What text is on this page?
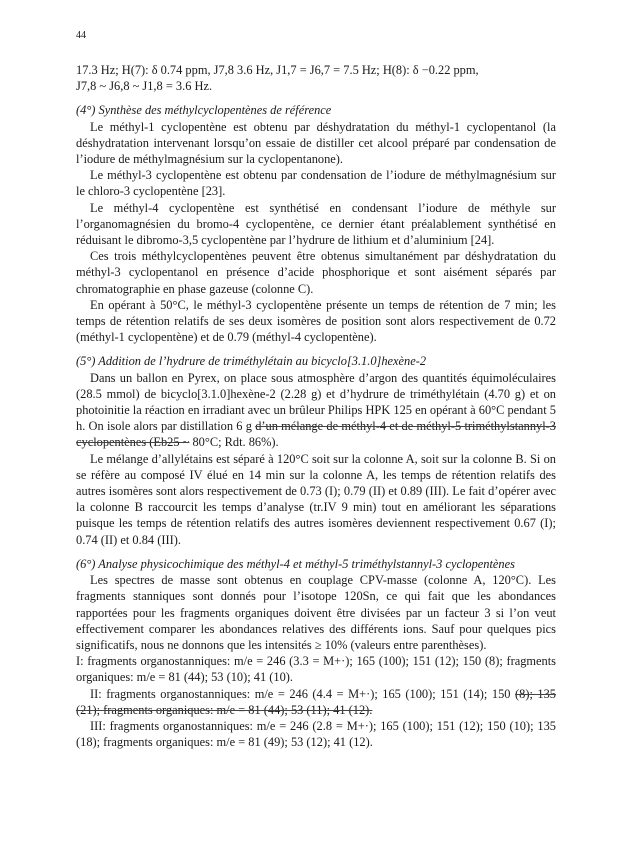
44

17.3 Hz; H(7): δ 0.74 ppm, J7,8 3.6 Hz, J1,7 = J6,7 = 7.5 Hz; H(8): δ −0.22 ppm,

J7,8 ~ J6,8 ~ J1,8 = 3.6 Hz.

(4°) Synthèse des méthylcyclopentènes de référence

Le méthyl-1 cyclopentène est obtenu par déshydratation du méthyl-1 cyclopentanol (la déshydratation intervenant lorsqu’on essaie de distiller cet alcool préparé par condensation de l’iodure de méthylmagnésium sur la cyclopentanone).

Le méthyl-3 cyclopentène est obtenu par condensation de l’iodure de méthylmagnésium sur le chloro-3 cyclopentène [23].

Le méthyl-4 cyclopentène est synthétisé en condensant l’iodure de méthyle sur l’organomagnésien du bromo-4 cyclopentène, ce dernier étant préalablement synthétisé en réduisant le dibromo-3,5 cyclopentène par l’hydrure de lithium et d’aluminium [24].

Ces trois méthylcyclopentènes peuvent être obtenus simultanément par déshydratation du méthyl-3 cyclopentanol en présence d’acide phosphorique et sont aisément séparés par chromatographie en phase gazeuse (colonne C).

En opérant à 50°C, le méthyl-3 cyclopentène présente un temps de rétention de 7 min; les temps de rétention relatifs de ses deux isomères de position sont alors respectivement de 0.72 (méthyl-1 cyclopentène) et de 0.79 (méthyl-4 cyclopentène).

(5°) Addition de l’hydrure de triméthylétain au bicyclo[3.1.0]hexène-2

Dans un ballon en Pyrex, on place sous atmosphère d’argon des quantités équimoléculaires (28.5 mmol) de bicyclo[3.1.0]hexène-2 (2.28 g) et d’hydrure de triméthylétain (4.70 g) et on photoinitie la réaction en irradiant avec un brûleur Philips HPK 125 en opérant à 60°C pendant 5 h. On isole alors par distillation 6 g d’un mélange de méthyl-4 et de méthyl-5 triméthylstannyl-3 cyclopentènes (Eb25 ~ 80°C; Rdt. 86%).

Le mélange d’allylétains est séparé à 120°C soit sur la colonne A, soit sur la colonne B. Si on se réfère au composé IV élué en 14 min sur la colonne A, les temps de rétention relatifs des autres isomères sont alors respectivement de 0.73 (I); 0.79 (II) et 0.89 (III). Le fait d’opérer avec la colonne B raccourcit les temps d’analyse (tr.IV 9 min) tout en améliorant les séparations puisque les temps de rétention relatifs des autres isomères deviennent respectivement 0.67 (I); 0.74 (II) et 0.84 (III).

(6°) Analyse physicochimique des méthyl-4 et méthyl-5 triméthylstannyl-3 cyclopentènes

Les spectres de masse sont obtenus en couplage CPV-masse (colonne A, 120°C). Les fragments stanniques sont donnés pour l’isotope 120Sn, ce qui fait que les abondances rapportées pour les fragments organiques doivent être divisées par un facteur 3 si l’on veut effectivement comparer les abondances relatives des différents ions. Sauf pour quelques pics significatifs, nous ne donnons que les intensités ≥ 10% (valeurs entre parenthèses).

I: fragments organostanniques: m/e = 246 (3.3 = M+·); 165 (100); 151 (12); 150 (8); fragments organiques: m/e = 81 (44); 53 (10); 41 (10).

II: fragments organostanniques: m/e = 246 (4.4 = M+·); 165 (100); 151 (14); 150 (8); 135 (21); fragments organiques: m/e = 81 (44); 53 (11); 41 (12).

III: fragments organostanniques: m/e = 246 (2.8 = M+·); 165 (100); 151 (12); 150 (10); 135 (18); fragments organiques: m/e = 81 (49); 53 (12); 41 (12).
